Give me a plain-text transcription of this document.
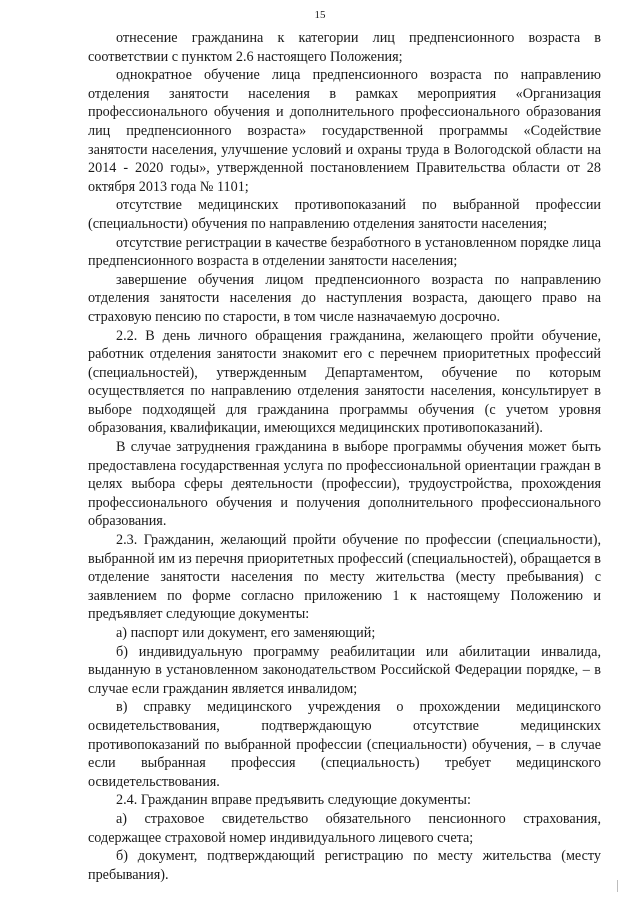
15

отнесение гражданина к категории лиц предпенсионного возраста в соответствии с пунктом 2.6 настоящего Положения;

однократное обучение лица предпенсионного возраста по направлению отделения занятости населения в рамках мероприятия «Организация профессионального обучения и дополнительного профессионального образования лиц предпенсионного возраста» государственной программы «Содействие занятости населения, улучшение условий и охраны труда в Вологодской области на 2014 - 2020 годы», утвержденной постановлением Правительства области от 28 октября 2013 года № 1101;

отсутствие медицинских противопоказаний по выбранной профессии (специальности) обучения по направлению отделения занятости населения;

отсутствие регистрации в качестве безработного в установленном порядке лица предпенсионного возраста в отделении занятости населения;

завершение обучения лицом предпенсионного возраста по направлению отделения занятости населения до наступления возраста, дающего право на страховую пенсию по старости, в том числе назначаемую досрочно.

2.2. В день личного обращения гражданина, желающего пройти обучение, работник отделения занятости знакомит его с перечнем приоритетных профессий (специальностей), утвержденным Департаментом, обучение по которым осуществляется по направлению отделения занятости населения, консультирует в выборе подходящей для гражданина программы обучения (с учетом уровня образования, квалификации, имеющихся медицинских противопоказаний).

В случае затруднения гражданина в выборе программы обучения может быть предоставлена государственная услуга по профессиональной ориентации граждан в целях выбора сферы деятельности (профессии), трудоустройства, прохождения профессионального обучения и получения дополнительного профессионального образования.

2.3. Гражданин, желающий пройти обучение по профессии (специальности), выбранной им из перечня приоритетных профессий (специальностей), обращается в отделение занятости населения по месту жительства (месту пребывания) с заявлением по форме согласно приложению 1 к настоящему Положению и предъявляет следующие документы:

а) паспорт или документ, его заменяющий;

б) индивидуальную программу реабилитации или абилитации инвалида, выданную в установленном законодательством Российской Федерации порядке, – в случае если гражданин является инвалидом;

в) справку медицинского учреждения о прохождении медицинского освидетельствования, подтверждающую отсутствие медицинских противопоказаний по выбранной профессии (специальности) обучения, – в случае если выбранная профессия (специальность) требует медицинского освидетельствования.

2.4. Гражданин вправе предъявить следующие документы:

а) страховое свидетельство обязательного пенсионного страхования, содержащее страховой номер индивидуального лицевого счета;

б) документ, подтверждающий регистрацию по месту жительства (месту пребывания).
